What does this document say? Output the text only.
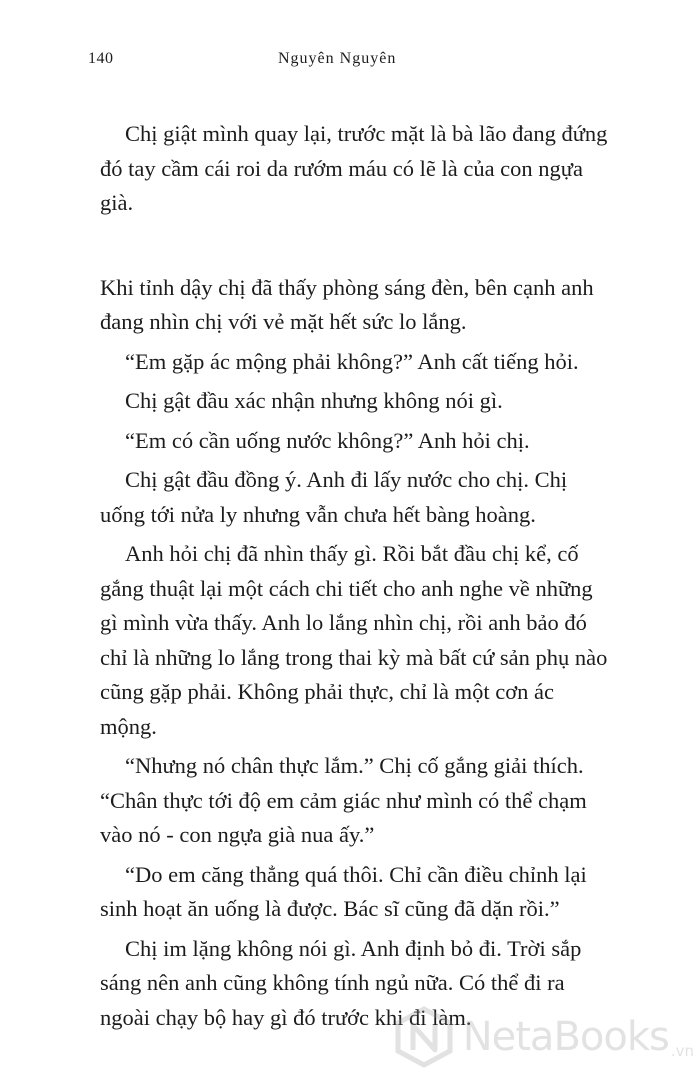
140	Nguyên Nguyên

Chị giật mình quay lại, trước mặt là bà lão đang đứng đó tay cầm cái roi da rướm máu có lẽ là của con ngựa già.

Khi tỉnh dậy chị đã thấy phòng sáng đèn, bên cạnh anh đang nhìn chị với vẻ mặt hết sức lo lắng.

“Em gặp ác mộng phải không?” Anh cất tiếng hỏi.

Chị gật đầu xác nhận nhưng không nói gì.

“Em có cần uống nước không?” Anh hỏi chị.

Chị gật đầu đồng ý. Anh đi lấy nước cho chị. Chị uống tới nửa ly nhưng vẫn chưa hết bàng hoàng.

Anh hỏi chị đã nhìn thấy gì. Rồi bắt đầu chị kể, cố gắng thuật lại một cách chi tiết cho anh nghe về những gì mình vừa thấy. Anh lo lắng nhìn chị, rồi anh bảo đó chỉ là những lo lắng trong thai kỳ mà bất cứ sản phụ nào cũng gặp phải. Không phải thực, chỉ là một cơn ác mộng.

“Nhưng nó chân thực lắm.” Chị cố gắng giải thích. “Chân thực tới độ em cảm giác như mình có thể chạm vào nó - con ngựa già nua ấy.”

“Do em căng thẳng quá thôi. Chỉ cần điều chỉnh lại sinh hoạt ăn uống là được. Bác sĩ cũng đã dặn rồi.”

Chị im lặng không nói gì. Anh định bỏ đi. Trời sắp sáng nên anh cũng không tính ngủ nữa. Có thể đi ra ngoài chạy bộ hay gì đó trước khi đi làm.

NetaBooks .vn
